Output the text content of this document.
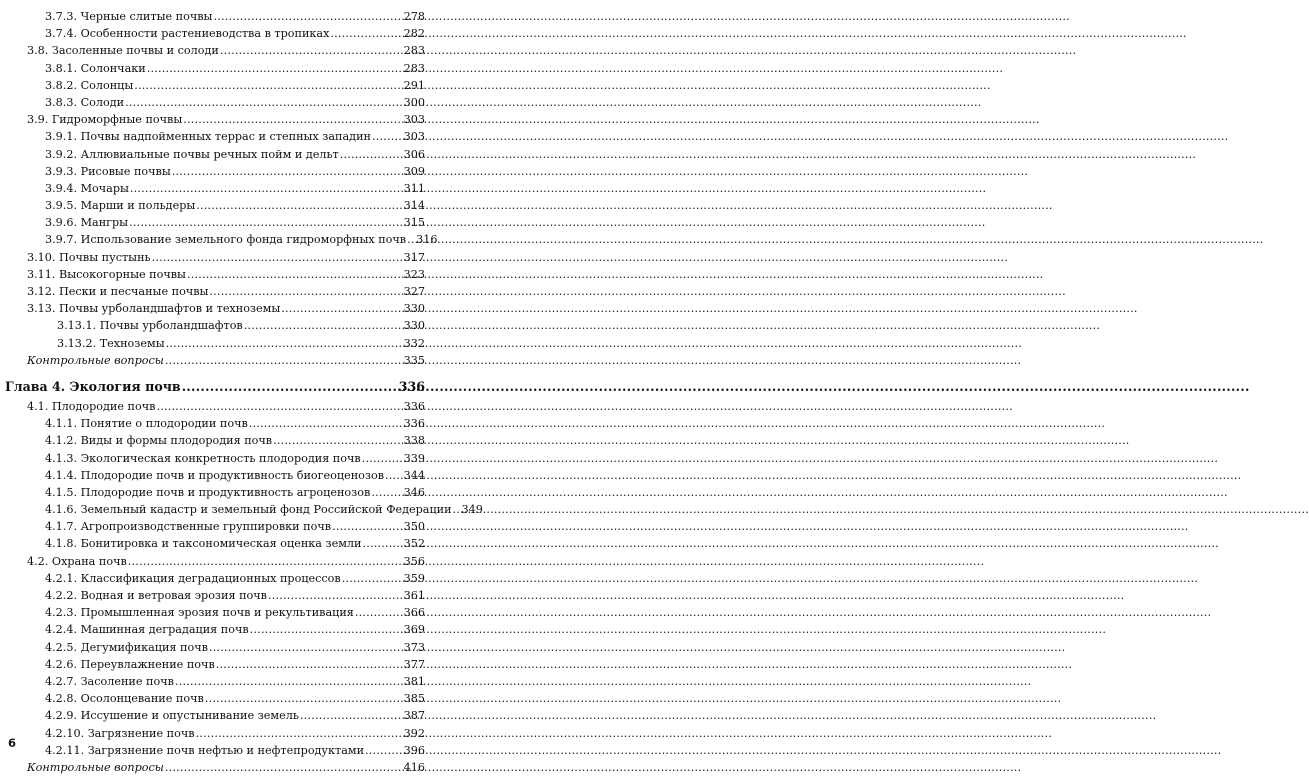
3.7.3. Черные слитые почвы .....	278
3.7.4. Особенности растениеводства в тропиках .....	282
3.8. Засоленные почвы и солоди .....	283
3.8.1. Солончаки .....	283
3.8.2. Солонцы .....	291
3.8.3. Солоди .....	300
3.9. Гидроморфные почвы .....	303
3.9.1. Почвы надпойменных террас и степных западин .....	303
3.9.2. Аллювиальные почвы речных пойм и дельт .....	306
3.9.3. Рисовые почвы .....	309
3.9.4. Мочары .....	311
3.9.5. Марши и польдеры .....	314
3.9.6. Мангры .....	315
3.9.7. Использование земельного фонда гидроморфных почв ..... 316
3.10. Почвы пустынь .....	317
3.11. Высокогорные почвы .....	323
3.12. Пески и песчаные почвы .....	327
3.13. Почвы урболандшафтов и техноземы .....	330
3.13.1. Почвы урболандшафтов .....	330
3.13.2. Техноземы .....	332
Контрольные вопросы .....	335
Глава 4. Экология почв .....	336
4.1. Плодородие почв .....	336
4.1.1. Понятие о плодородии почв .....	336
4.1.2. Виды и формы плодородия почв .....	338
4.1.3. Экологическая конкретность плодородия почв .....	339
4.1.4. Плодородие почв и продуктивность биогеоценозов ..... 344
4.1.5. Плодородие почв и продуктивность агроценозов .....	346
4.1.6. Земельный кадастр и земельный фонд Российской Федерации ..... 349
4.1.7. Агропроизводственные группировки почв .....	350
4.1.8. Бонитировка и таксономическая оценка земли .....	352
4.2. Охрана почв .....	356
4.2.1. Классификация деградационных процессов .....	359
4.2.2. Водная и ветровая эрозия почв .....	361
4.2.3. Промышленная эрозия почв и рекультивация .....	366
4.2.4. Машинная деградация почв .....	369
4.2.5. Дегумификация почв .....	373
4.2.6. Переувлажнение почв .....	377
4.2.7. Засоление почв .....	381
4.2.8. Осолонцевание почв .....	385
4.2.9. Иссушение и опустынивание земель .....	387
4.2.10. Загрязнение почв .....	392
4.2.11. Загрязнение почв нефтью и нефтепродуктами .....	396
Контрольные вопросы .....	416
6
